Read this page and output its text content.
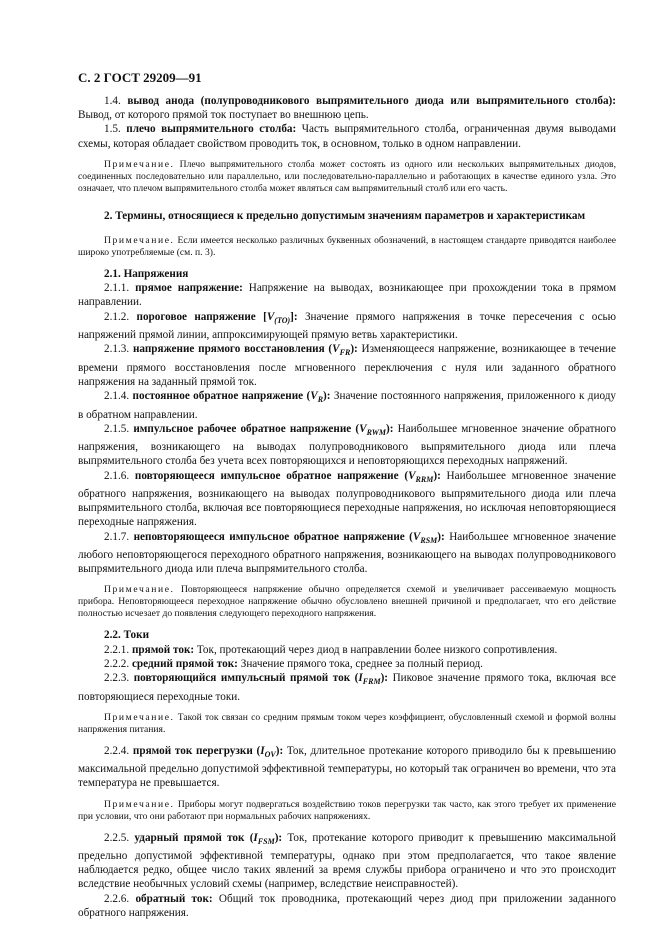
С. 2 ГОСТ 29209—91

1.4. вывод анода (полупроводникового выпрямительного диода или выпрямительного столба): Вывод, от которого прямой ток поступает во внешнюю цепь.

1.5. плечо выпрямительного столба: Часть выпрямительного столба, ограниченная двумя выводами схемы, которая обладает свойством проводить ток, в основном, только в одном направлении.

Примечание. Плечо выпрямительного столба может состоять из одного или нескольких выпрямительных диодов, соединенных последовательно или параллельно, или последовательно-параллельно и работающих в качестве единого узла. Это означает, что плечом выпрямительного столба может являться сам выпрямительный столб или его часть.

2. Термины, относящиеся к предельно допустимым значениям параметров и характеристикам

Примечание. Если имеется несколько различных буквенных обозначений, в настоящем стандарте приводятся наиболее широко употребляемые (см. п. 3).

2.1. Напряжения

2.1.1. прямое напряжение: Напряжение на выводах, возникающее при прохождении тока в прямом направлении.

2.1.2. пороговое напряжение $[V_{(TO)}]$: Значение прямого напряжения в точке пересечения с осью напряжений прямой линии, аппроксимирующей прямую ветвь характеристики.

2.1.3. напряжение прямого восстановления $(V_{FR})$: Изменяющееся напряжение, возникающее в течение времени прямого восстановления после мгновенного переключения с нуля или заданного обратного напряжения на заданный прямой ток.

2.1.4. постоянное обратное напряжение $(V_R)$: Значение постоянного напряжения, приложенного к диоду в обратном направлении.

2.1.5. импульсное рабочее обратное напряжение $(V_{RWM})$: Наибольшее мгновенное значение обратного напряжения, возникающего на выводах полупроводникового выпрямительного диода или плеча выпрямительного столба без учета всех повторяющихся и неповторяющихся переходных напряжений.

2.1.6. повторяющееся импульсное обратное напряжение $(V_{RRM})$: Наибольшее мгновенное значение обратного напряжения, возникающего на выводах полупроводникового выпрямительного диода или плеча выпрямительного столба, включая все повторяющиеся переходные напряжения, но исключая неповторяющиеся переходные напряжения.

2.1.7. неповторяющееся импульсное обратное напряжение $(V_{RSM})$: Наибольшее мгновенное значение любого неповторяющегося переходного обратного напряжения, возникающего на выводах полупроводникового выпрямительного диода или плеча выпрямительного столба.

Примечание. Повторяющееся напряжение обычно определяется схемой и увеличивает рассеиваемую мощность прибора. Неповторяющееся переходное напряжение обычно обусловлено внешней причиной и предполагает, что его действие полностью исчезает до появления следующего переходного напряжения.

2.2. Токи

2.2.1. прямой ток: Ток, протекающий через диод в направлении более низкого сопротивления.

2.2.2. средний прямой ток: Значение прямого тока, среднее за полный период.

2.2.3. повторяющийся импульсный прямой ток $(I_{FRM})$: Пиковое значение прямого тока, включая все повторяющиеся переходные токи.

Примечание. Такой ток связан со средним прямым током через коэффициент, обусловленный схемой и формой волны напряжения питания.

2.2.4. прямой ток перегрузки $(I_{OV})$: Ток, длительное протекание которого приводило бы к превышению максимальной предельно допустимой эффективной температуры, но который так ограничен во времени, что эта температура не превышается.

Примечание. Приборы могут подвергаться воздействию токов перегрузки так часто, как этого требует их применение при условии, что они работают при нормальных рабочих напряжениях.

2.2.5. ударный прямой ток $(I_{FSM})$: Ток, протекание которого приводит к превышению максимальной предельно допустимой эффективной температуры, однако при этом предполагается, что такое явление наблюдается редко, общее число таких явлений за время службы прибора ограничено и что это происходит вследствие необычных условий схемы (например, вследствие неисправностей).

2.2.6. обратный ток: Общий ток проводника, протекающий через диод при приложении заданного обратного напряжения.
